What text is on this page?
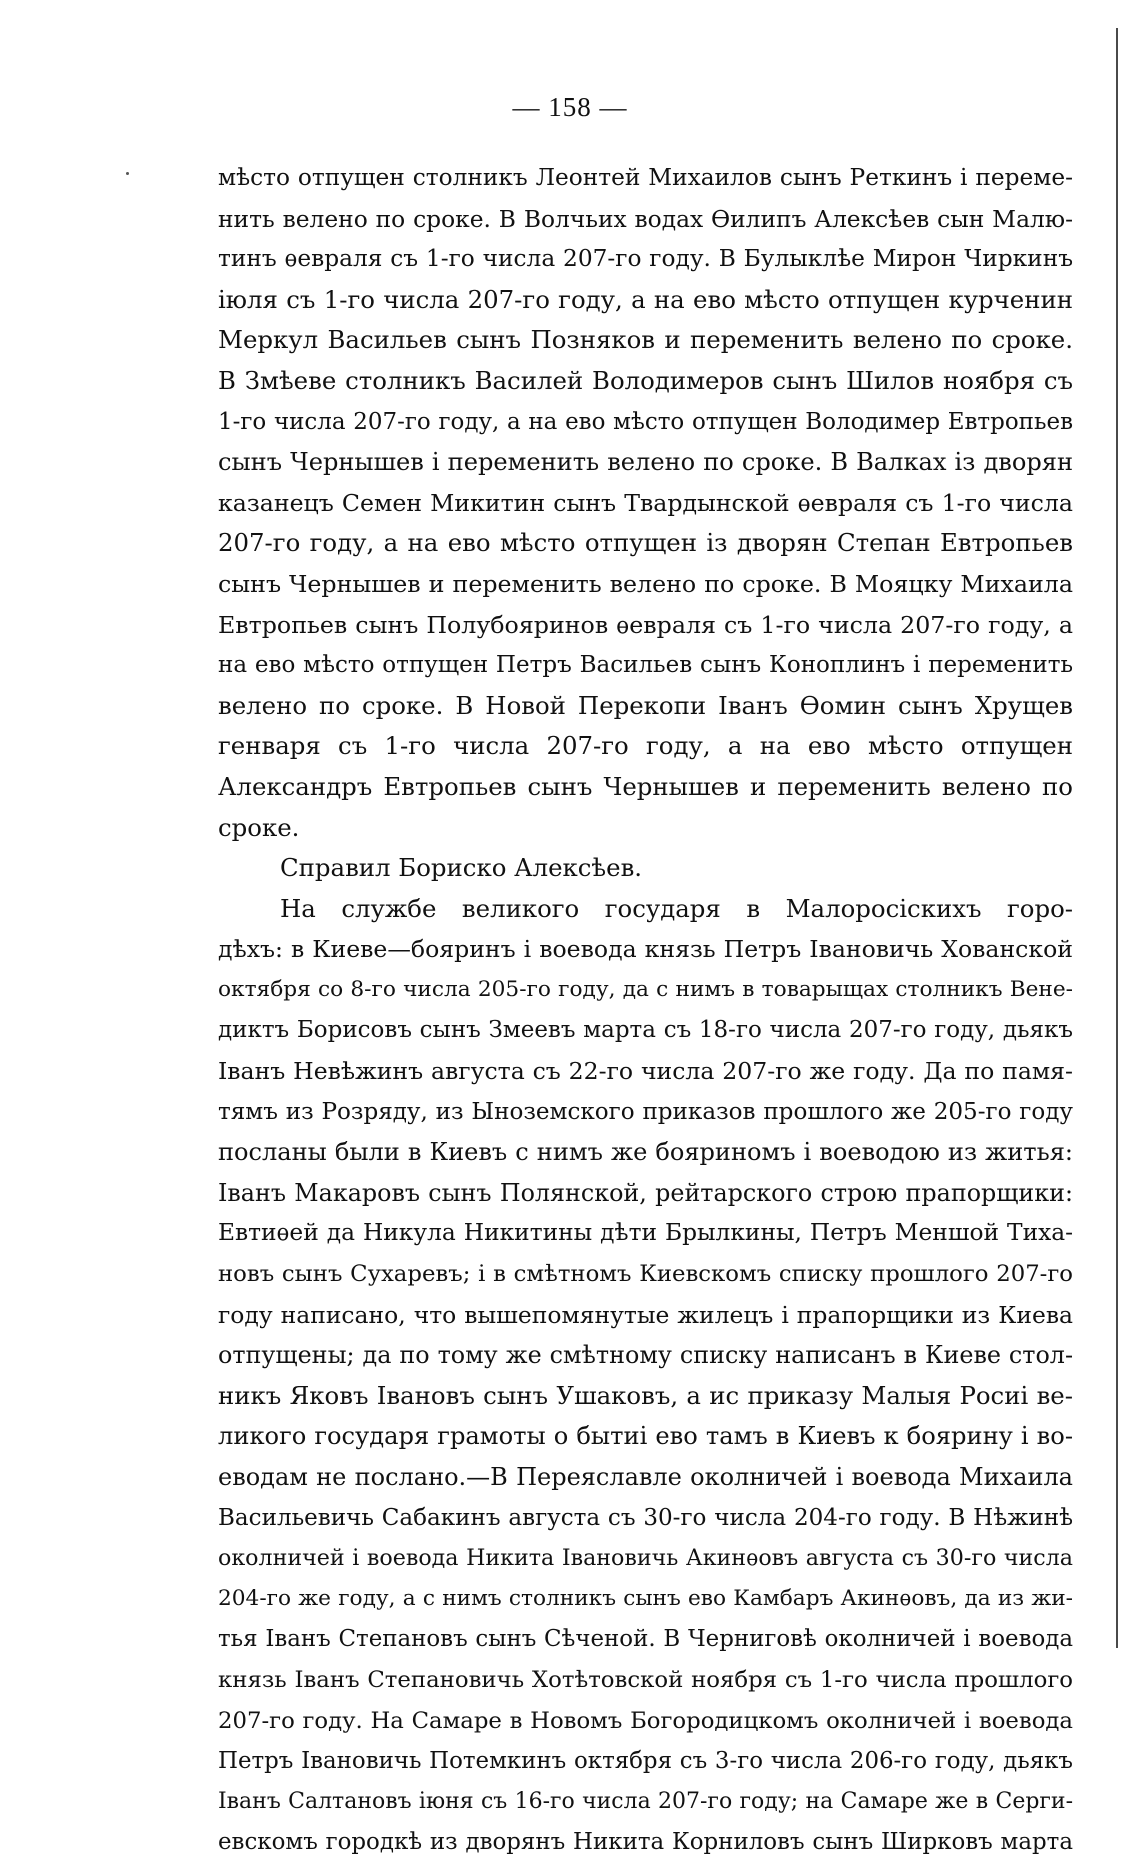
— 158 —
мѣсто отпущен столникъ Леонтей Михаилов сынъ Реткинъ і переме-
нить велено по сроке. В Волчьих водах Ѳилипъ Алексѣев сын Малю-
тинъ ѳевраля съ 1-го числа 207-го году. В Булыклѣе Мирон Чиркинъ
іюля съ 1-го числа 207-го году, а на ево мѣсто отпущен курченин
Меркул Васильев сынъ Позняков и переменить велено по сроке.
В Змѣеве столникъ Василей Володимеров сынъ Шилов ноября съ
1-го числа 207-го году, а на ево мѣсто отпущен Володимер Евтропьев
сынъ Чернышев і переменить велено по сроке. В Валках із дворян
казанецъ Семен Микитин сынъ Твардынской ѳевраля съ 1-го числа
207-го году, а на ево мѣсто отпущен із дворян Степан Евтропьев
сынъ Чернышев и переменить велено по сроке. В Мояцку Михаила
Евтропьев сынъ Полубояринов ѳевраля съ 1-го числа 207-го году, а
на ево мѣсто отпущен Петръ Васильев сынъ Коноплинъ і переменить
велено по сроке. В Новой Перекопи Іванъ Ѳомин сынъ Хрущев
генваря съ 1-го числа 207-го году, а на ево мѣсто отпущен
Александръ Евтропьев сынъ Чернышев и переменить велено по
сроке.
Справил Бориско Алексѣев.
На службе великого государя в Малоросіскихъ горо-
дѣхъ: в Киеве—бояринъ і воевода князь Петръ Івановичь Хованской
октября со 8-го числа 205-го году, да с нимъ в товарыщах столникъ Вене-
диктъ Борисовъ сынъ Змеевъ марта съ 18-го числа 207-го году, дьякъ
Іванъ Невѣжинъ августа съ 22-го числа 207-го же году. Да по памя-
тямъ из Розряду, из Ыноземского приказов прошлого же 205-го году
посланы были в Киевъ с нимъ же бояриномъ і воеводою из житья:
Іванъ Макаровъ сынъ Полянской, рейтарского строю прапорщики:
Евтиѳей да Никула Никитины дѣти Брылкины, Петръ Меншой Тиха-
новъ сынъ Сухаревъ; і в смѣтномъ Киевскомъ списку прошлого 207-го
году написано, что вышепомянутые жилецъ і прапорщики из Киева
отпущены; да по тому же смѣтному списку написанъ в Киеве стол-
никъ Яковъ Івановъ сынъ Ушаковъ, а ис приказу Малыя Росиі ве-
ликого государя грамоты о бытиі ево тамъ в Киевъ к боярину і во-
еводам не послано.—В Переяславле околничей і воевода Михаила
Васильевичь Сабакинъ августа съ 30-го числа 204-го году. В Нѣжинѣ
околничей і воевода Никита Івановичь Акинѳовъ августа съ 30-го числа
204-го же году, а с нимъ столникъ сынъ ево Камбаръ Акинѳовъ, да из жи-
тья Іванъ Степановъ сынъ Сѣченой. В Черниговѣ околничей і воевода
князь Іванъ Степановичь Хотѣтовской ноября съ 1-го числа прошлого
207-го году. На Самаре в Новомъ Богородицкомъ околничей і воевода
Петръ Івановичь Потемкинъ октября съ 3-го числа 206-го году, дьякъ
Іванъ Салтановъ іюня съ 16-го числа 207-го году; на Самаре же в Серги-
евскомъ городкѣ из дворянъ Никита Корниловъ сынъ Ширковъ марта
